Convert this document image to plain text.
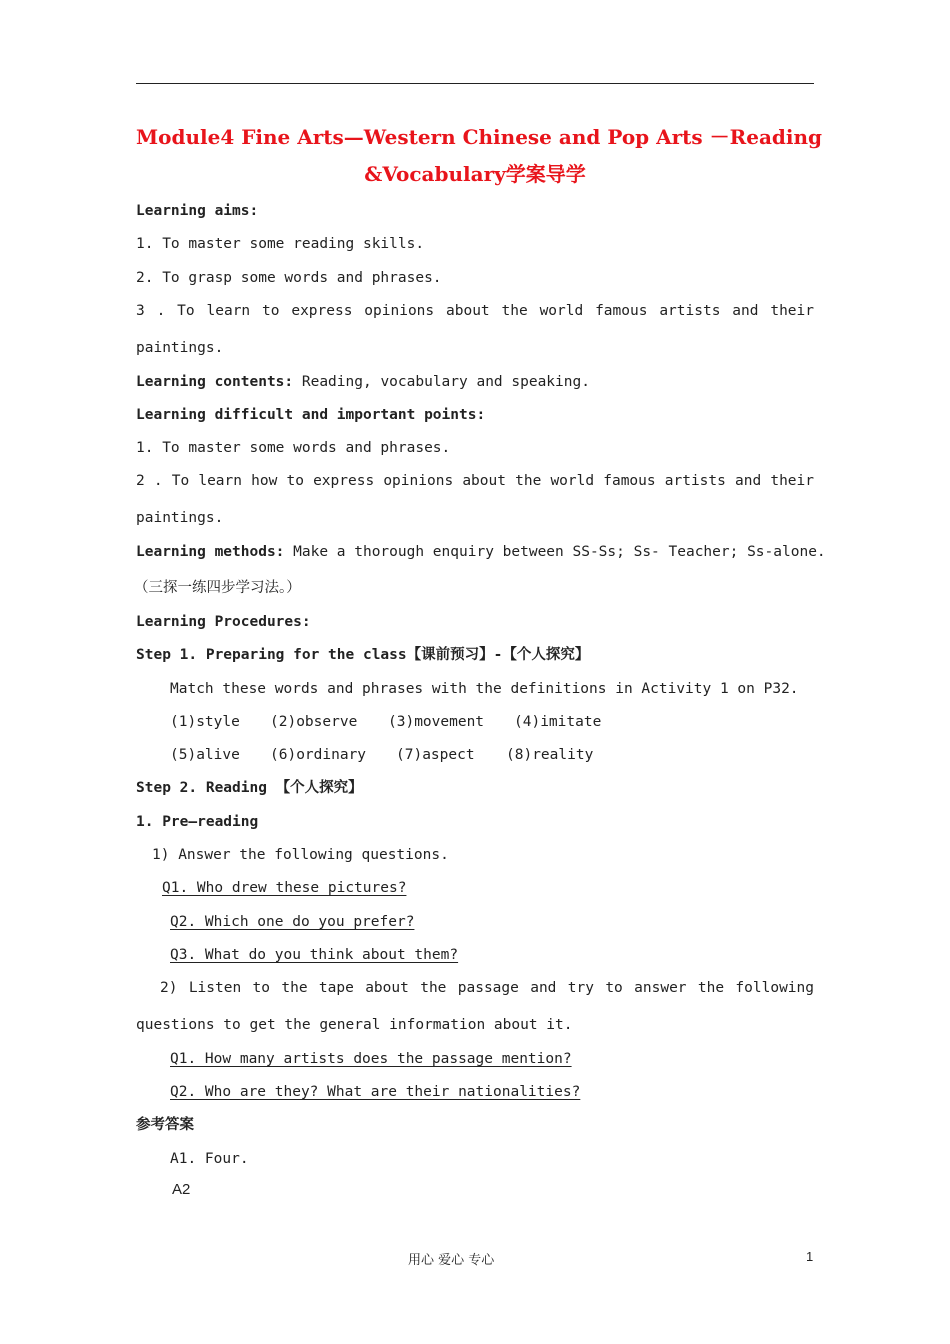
Module4 Fine Arts—Western Chinese and Pop Arts －Reading
&Vocabulary学案导学
Learning aims:
1. To master some reading skills.
2. To grasp some words and phrases.
3 . To learn to express opinions about the world famous artists and their
paintings.
Learning contents: Reading, vocabulary and speaking.
Learning difficult and important points:
1. To master some words and phrases.
2 . To learn how to express opinions about the world famous artists and their
paintings.
Learning methods: Make a thorough enquiry between SS-Ss; Ss- Teacher; Ss-alone.
（三探一练四步学习法。）
Learning Procedures:
Step 1. Preparing for the class【课前预习】-【个人探究】
Match these words and phrases with the definitions in Activity 1 on P32.
(1)style (2)observe (3)movement (4)imitate
(5)alive (6)ordinary (7)aspect (8)reality
Step 2. Reading 【个人探究】
1. Pre—reading
1) Answer the following questions.
Q1. Who drew these pictures?
Q2. Which one do you prefer?
Q3. What do you think about them?
2) Listen to the tape about the passage and try to answer the following
questions to get the general information about it.
Q1. How many artists does the passage mention?
Q2. Who are they? What are their nationalities?
参考答案
A1. Four.
A2
用心 爱心 专心	1
